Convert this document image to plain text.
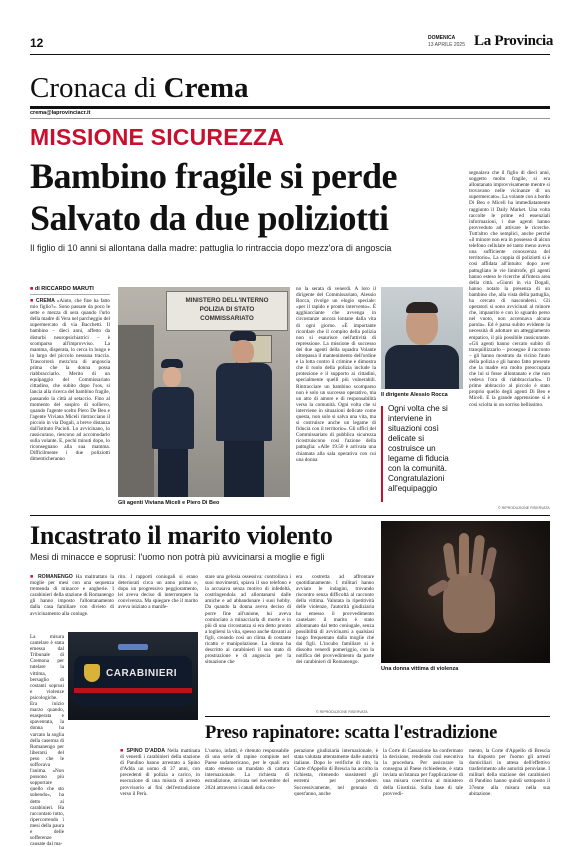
12	DOMENICA
13 APRILE 2025 La Provincia
Cronaca di Crema
crema@laprovinciacr.it
MISSIONE SICUREZZA
Bambino fragile si perde
Salvato da due poliziotti
Il figlio di 10 anni si allontana dalla madre: pattuglia lo rintraccia dopo mezz'ora di angoscia
■ di RICCARDO MARUTI
■ CREMA «Aiuto, che fine ha fatto mio figlio?». Sono passate da poco le sette e mezza di sera quando l'urlo della madre di Vera nel parcheggio del supermercato di via Bacchetti. Il bambino – dieci anni, affetto da disturbi neuropsichiatrici – è scomparso all'improvviso. La mamma, disperata, lo cerca in lungo e in largo del piccolo nessuna traccia. Trascorrerà mezz'ora di angoscia prima che la donna possa riabbracciarlo. Merito di un equipaggio del Commissariato cittadino, che subito dopo l'sos, si lancia alla ricerca del bambino fragile, passando la città al setaccio. Fino al momento del sospiro di sollievo, quando l'agente scelto Piero De Beo e l'agente Viviana Miceli rintracciano il piccolo in via Dogali, a breve distanza dall'istituto Pacioli. Lo avvicinano, lo rassicurano, riescono ad accomodarlo sulla volante. E, pochi minuti dopo, lo riconsegnano alla sua mamma. Difficilmente i due poliziotti dimenticheranno
MINISTERO DELL'INTERNO
POLIZIA DI STATO
COMMISSARIATO
Gli agenti Viviana Miceli e Piero Di Beo
no la serata di venerdì. A loro il dirigente del Commissariato, Alessio Rocca, rivolge un elogio speciale: «per il rapido e pronto intervento». È agghiacciante che avvenga in circostanze ancora lontane dalla vita di ogni giorno. «È importante ricordare che il compito della polizia non si esaurisce nell'attività di repressione. La missione di successo dei due agenti della squadra Volante oltrepassa il mantenimento dell'ordine e la lotta contro il crimine e dimostra che il ruolo della polizia include la protezione e il supporto ai cittadini, specialmente quelli più vulnerabili. Rintracciare un bambino scomparso non è solo un successo operativo, ma un atto di amore e di responsabilità verso la comunità. Ogni volta che si interviene in situazioni delicate come questa, non solo si salva una vita, ma si costruisce anche un legame di fiducia con il territorio». Gli uffici del Commissariato di pubblica sicurezza ricostruiscono così l'azione della pattuglia: «Alle 19.50 è arrivata una chiamata alla sala operativa con cui una donna
Il dirigente Alessio Rocca
Ogni volta che si interviene in situazioni così delicate si costruisce un legame di fiducia con la comunità. Congratulazioni all'equipaggio
segnalava che il figlio di dieci anni, soggetto molto fragile, si era allontanato improvvisamente mentre si trovavano nelle vicinanze di un supermercato». La volante con a bordo Di Beo e Miceli ha immediatamente raggiunto il Daily Market. Una volta raccolte le prime ed essenziali informazioni, i due agenti hanno provveduto ad attivare le ricerche. Tutt'altro che semplici, anche perché «il minore non era in possesso di alcun telefono cellulare né tanto meno aveva una sufficiente conoscenza del territorio». La coppia di poliziotti si è così affidata all'intuito: dopo aver pattugliato le vie limitrofe, gli agenti hanno esteso le ricerche all'intera area della città. «Giunti in via Dogali, hanno notato la presenza di un bambino che, alla vista della pattuglia, ha cercato di nascondersi. Gli operatori si sono avvicinati al minore che, impaurito e con lo sguardo perso nel vuoto, non accennava alcuna parola». Ed è parsa subito evidente la necessità di adottare un atteggiamento empatico, il più possibile rassicurante. «Gli agenti hanno cercato subito di tranquillizzarlo – prosegue il racconto – gli hanno mostrato da vicino l'auto della polizia e gli hanno fatto presente che la madre era molto preoccupata che lui si fosse allontanato e che non vedeva l'ora di riabbracciarlo». Il primo abbraccio al piccolo è stato proprio quello degli agenti Di Beo e Miceli. E la grande apprensione si è così sciolta in un sorriso bellissimo.
© RIPRODUZIONE RISERVATA
Incastrato il marito violento
Mesi di minacce e soprusi: l'uomo non potrà più avvicinarsi a moglie e figli
■ ROMANENGO Ha maltrattato la moglie per mesi con una sequenza tremenda di minacce e angherie. I carabinieri della stazione di Romanengo gli hanno imposto l'allontanamento dalla casa familiare con divieto di avvicinamento alla coniuge.
La misura cautelare è stata emessa dal Tribunale di Cremona per tutelare la vittima, bersaglio di costanti soprusi e violenze psicologiche. Era inizio marzo quando, esasperata e spaventata, la donna ha varcato la soglia della caserma di Romanengo per liberarsi del peso che le soffocava l'anima. «Non possono più sopportare quello che sto subendo», ha detto ai carabinieri. Ha raccontato tutto, ripercorrendo i mesi della paura e delle sofferenze causate dal ma-
CARABINIERI
rito. I rapporti coniugali si erano deteriorati circa un anno prima e, dopo un progressivo peggioramento, lei aveva deciso di interrompere la convivenza. Ma spiegare che il marito aveva iniziato a manife-
stare una gelosia ossessiva: controllava i suoi movimenti, spiava il suo telefono e la accusava senza motivo di infedeltà, costringendola ad allontanarsi dalle amiche e ad abbandonare i suoi hobby. Da quando la donna aveva deciso di porre fine all'unione, lui aveva cominciato a minacciarla di morte e in più di una circostanza si era detto pronto a togliersi la vita, spesso anche davanti ai figli, creando così un clima di costante ricatto e manipolazione. La donna ha descritto ai carabinieri il suo stato di prostrazione e di angoscia per la situazione che
era costretta ad affrontare quotidianamente. I militari hanno avviato le indagini, trovando riscontro senza difficoltà al racconto della vittima. Valutata la ripetitività delle violenze, l'autorità giudiziaria ha emesso il provvedimento cautelare: il marito è stato allontanato dal tetto coniugale, senza possibilità di avvicinarsi a qualsiasi luogo frequentato dalla moglie che dai figli. L'incubo familiare si è dissolto venerdì pomeriggio, con la notifica del provvedimento da parte dei carabinieri di Romanengo.
© RIPRODUZIONE RISERVATA
Una donna vittima di violenza
Preso rapinatore: scatta l'estradizione
■ SPINO D'ADDA Nella mattinata di venerdì i carabinieri della stazione di Pandino hanno arrestato a Spino d'Adda un uomo di 37 anni, con precedenti di polizia a carico, in esecuzione di una misura di arresto provvisorio ai fini dell'estradizione verso il Perù.
L'uomo, infatti, è ritenuto responsabile di una serie di rapine compiute nel Paese sudamericano, per le quali era stato emesso un mandato di cattura internazionale. La richiesta di estradizione, arrivata nel novembre del 2024 attraverso i canali della coo-
perazione giudiziaria internazionale, è stata valutata attentamente dalle autorità italiane. Dopo le verifiche di rito, la Corte d'Appello di Brescia ha accolto la richiesta, ritenendo sussistenti gli estremi per procedere. Successivamente, nel gennaio di quest'anno, anche
la Corte di Cassazione ha confermato la decisione, rendendo così esecutiva la procedura. Per assicurare la consegna al Paese richiedente, è stata inviata un'istanza per l'applicazione di una misura coercitiva al ministero della Giustizia. Sulla base di tale provvedi-
mento, la Corte d'Appello di Brescia ha disposto per l'uomo gli arresti domiciliari in attesa dell'effettivo trasferimento alle autorità peruviane. I militari della stazione dei carabinieri di Pandino hanno quindi sottoposto il 37enne alla misura nella sua abitazione.
